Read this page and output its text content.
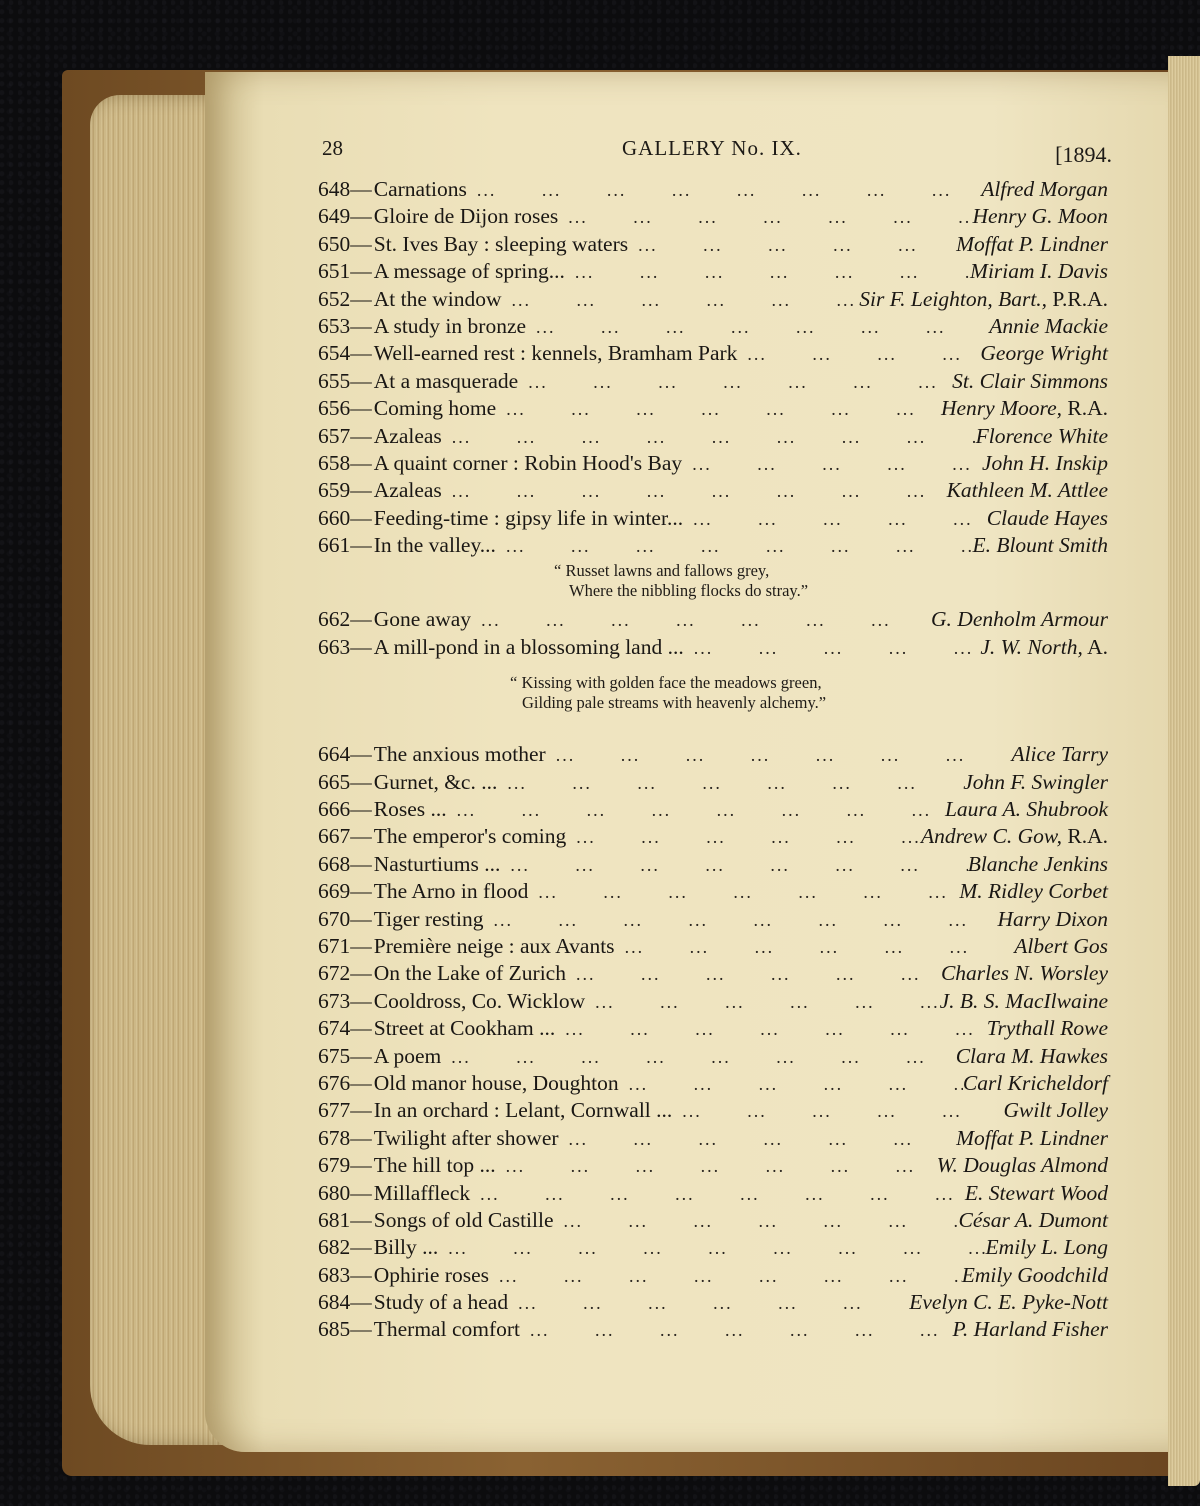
28	GALLERY No. IX.	[1894.
648— Carnations ...	Alfred Morgan
649— Gloire de Dijon roses ...	Henry G. Moon
650— St. Ives Bay : sleeping waters ...	Moffat P. Lindner
651— A message of spring... ...	Miriam I. Davis
652— At the window ...	Sir F. Leighton, Bart., P.R.A.
653— A study in bronze ...	Annie Mackie
654— Well-earned rest : kennels, Bramham Park ...	George Wright
655— At a masquerade ...	St. Clair Simmons
656— Coming home ...	Henry Moore, R.A.
657— Azaleas ...	Florence White
658— A quaint corner : Robin Hood's Bay ...	John H. Inskip
659— Azaleas ...	Kathleen M. Attlee
660— Feeding-time : gipsy life in winter... ...	Claude Hayes
661— In the valley... ...	E. Blount Smith
“ Russet lawns and fallows grey,
Where the nibbling flocks do stray.”
662— Gone away ...	G. Denholm Armour
663— A mill-pond in a blossoming land ... ...	J. W. North, A.
“ Kissing with golden face the meadows green,
Gilding pale streams with heavenly alchemy.”
664— The anxious mother ...	Alice Tarry
665— Gurnet, &c. ... ...	John F. Swingler
666— Roses ... ...	Laura A. Shubrook
667— The emperor's coming ...	Andrew C. Gow, R.A.
668— Nasturtiums ... ...	Blanche Jenkins
669— The Arno in flood ...	M. Ridley Corbet
670— Tiger resting ...	Harry Dixon
671— Première neige : aux Avants ...	Albert Gos
672— On the Lake of Zurich ...	Charles N. Worsley
673— Cooldross, Co. Wicklow ...	J. B. S. MacIlwaine
674— Street at Cookham ... ...	Trythall Rowe
675— A poem ...	Clara M. Hawkes
676— Old manor house, Doughton ...	Carl Kricheldorf
677— In an orchard : Lelant, Cornwall ... ...	Gwilt Jolley
678— Twilight after shower ...	Moffat P. Lindner
679— The hill top ... ...	W. Douglas Almond
680— Millaffleck ...	E. Stewart Wood
681— Songs of old Castille ...	César A. Dumont
682— Billy ... ...	Emily L. Long
683— Ophirie roses ...	Emily Goodchild
684— Study of a head ...	Evelyn C. E. Pyke-Nott
685— Thermal comfort ...	P. Harland Fisher
